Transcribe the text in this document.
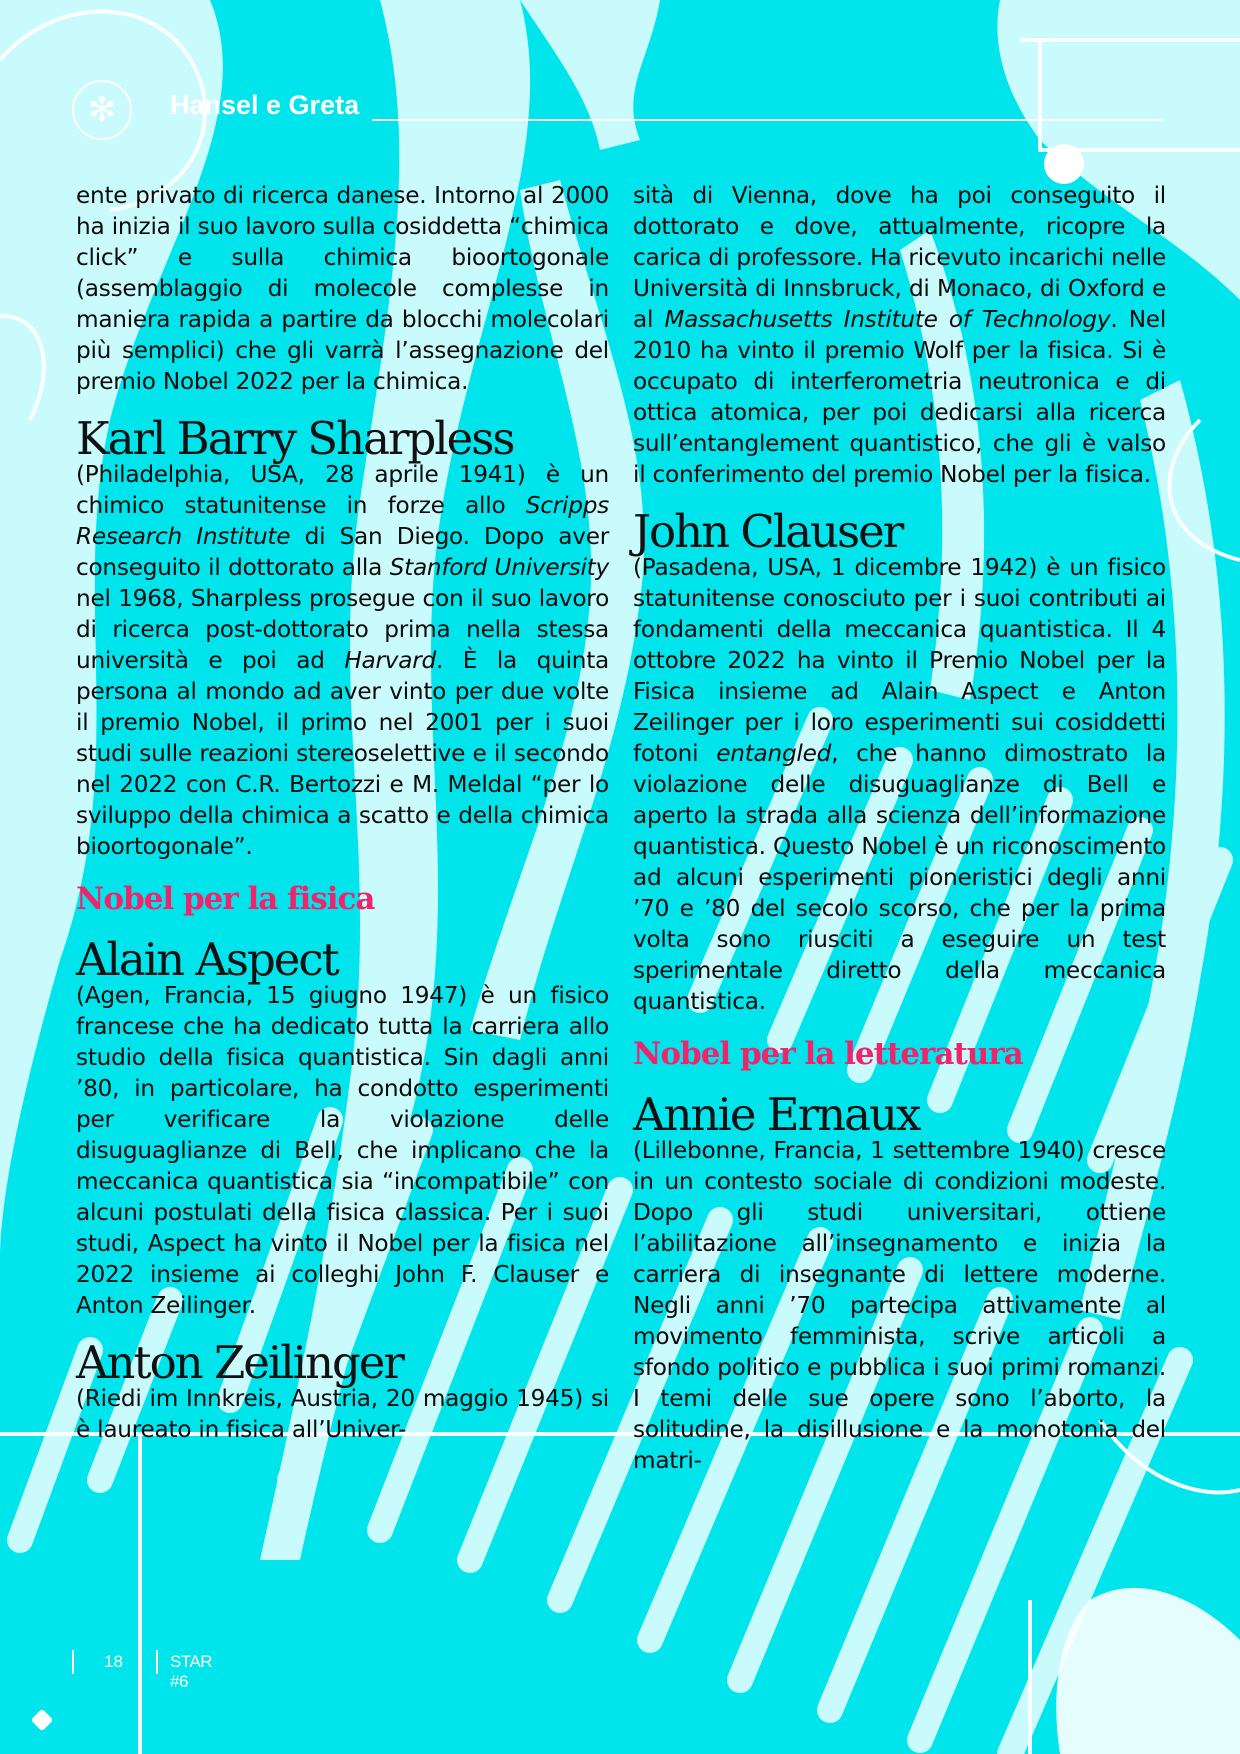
✻	Hansel e Greta

ente privato di ricerca danese. Intorno al 2000 ha inizia il suo lavoro sulla cosiddetta “chimica click” e sulla chimica bioortogonale (assemblaggio di molecole complesse in maniera rapida a partire da blocchi molecolari più semplici) che gli varrà l’assegnazione del premio Nobel 2022 per la chimica.

Karl Barry Sharpless

(Philadelphia, USA, 28 aprile 1941) è un chimico statunitense in forze allo Scripps Research Institute di San Diego. Dopo aver conseguito il dottorato alla Stanford University nel 1968, Sharpless prosegue con il suo lavoro di ricerca post-dottorato prima nella stessa università e poi ad Harvard. È la quinta persona al mondo ad aver vinto per due volte il premio Nobel, il primo nel 2001 per i suoi studi sulle reazioni stereoselettive e il secondo nel 2022 con C.R. Bertozzi e M. Meldal “per lo sviluppo della chimica a scatto e della chimica bioortogonale”.

Nobel per la fisica
Alain Aspect

(Agen, Francia, 15 giugno 1947) è un fisico francese che ha dedicato tutta la carriera allo studio della fisica quantistica. Sin dagli anni ’80, in particolare, ha condotto esperimenti per verificare la violazione delle disuguaglianze di Bell, che implicano che la meccanica quantistica sia “incompatibile” con alcuni postulati della fisica classica. Per i suoi studi, Aspect ha vinto il Nobel per la fisica nel 2022 insieme ai colleghi John F. Clauser e Anton Zeilinger.

Anton Zeilinger

(Riedi im Innkreis, Austria, 20 maggio 1945) si è laureato in fisica all’Univer-

sità di Vienna, dove ha poi conseguito il dottorato e dove, attualmente, ricopre la carica di professore. Ha ricevuto incarichi nelle Università di Innsbruck, di Monaco, di Oxford e al Massachusetts Institute of Technology. Nel 2010 ha vinto il premio Wolf per la fisica. Si è occupato di interferometria neutronica e di ottica atomica, per poi dedicarsi alla ricerca sull’entanglement quantistico, che gli è valso il conferimento del premio Nobel per la fisica.

John Clauser

(Pasadena, USA, 1 dicembre 1942) è un fisico statunitense conosciuto per i suoi contributi ai fondamenti della meccanica quantistica. Il 4 ottobre 2022 ha vinto il Premio Nobel per la Fisica insieme ad Alain Aspect e Anton Zeilinger per i loro esperimenti sui cosiddetti fotoni entangled, che hanno dimostrato la violazione delle disuguaglianze di Bell e aperto la strada alla scienza dell’informazione quantistica. Questo Nobel è un riconoscimento ad alcuni esperimenti pioneristici degli anni ’70 e ’80 del secolo scorso, che per la prima volta sono riusciti a eseguire un test sperimentale diretto della meccanica quantistica.

Nobel per la letteratura
Annie Ernaux

(Lillebonne, Francia, 1 settembre 1940) cresce in un contesto sociale di condizioni modeste. Dopo gli studi universitari, ottiene l’abilitazione all’insegnamento e inizia la carriera di insegnante di lettere moderne. Negli anni ’70 partecipa attivamente al movimento femminista, scrive articoli a sfondo politico e pubblica i suoi primi romanzi. I temi delle sue opere sono l’aborto, la solitudine, la disillusione e la monotonia del matri-

18	STAR #6
